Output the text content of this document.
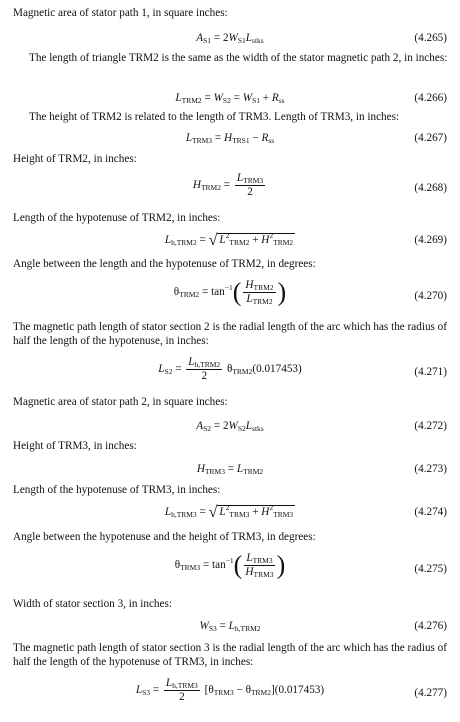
Magnetic area of stator path 1, in square inches:

$A_{S1} = 2W_{S1}L_{stks}$	(4.265)

The length of triangle TRM2 is the same as the width of the stator magnetic path 2, in inches:

$L_{TRM2} = W_{S2} = W_{S1} + R_{ss}$	(4.266)

The height of TRM2 is related to the length of TRM3. Length of TRM3, in inches:

$L_{TRM3} = H_{TRS1} - R_{ss}$	(4.267)

Height of TRM2, in inches:

$H_{TRM2} = \frac{L_{TRM3}}{2}$	(4.268)

Length of the hypotenuse of TRM2, in inches:

$L_{h,TRM2}$ = √ $L^2_{TRM2} + H^2_{TRM2}$	(4.269)

Angle between the length and the hypotenuse of TRM2, in degrees:

$\theta_{TRM2} = \tan^{-1}( \frac{H_{TRM2}}{L_{TRM2}}$ )	(4.270)

The magnetic path length of stator section 2 is the radial length of the arc which has the radius of half the length of the hypotenuse, in inches:

$L_{S2} = \frac{L_{h,TRM2}}{2} \theta_{TRM2}(0.017453)$	(4.271)

Magnetic area of stator path 2, in square inches:

$A_{S2} = 2W_{S2}L_{stks}$	(4.272)

Height of TRM3, in inches:

$H_{TRM3} = L_{TRM2}$	(4.273)

Length of the hypotenuse of TRM3, in inches:

$L_{h,TRM3}$ = √ $L^2_{TRM3} + H^2_{TRM3}$	(4.274)

Angle between the hypotenuse and the height of TRM3, in degrees:

$\theta_{TRM3} = \tan^{-1}( \frac{L_{TRM3}}{H_{TRM3}}$ )	(4.275)

Width of stator section 3, in inches:

$W_{S3} = L_{h,TRM2}$	(4.276)

The magnetic path length of stator section 3 is the radial length of the arc which has the radius of half the length of the hypotenuse of TRM3, in inches:

$L_{S3} = \frac{L_{h,TRM3}}{2} [\theta_{TRM3} - \theta_{TRM2}](0.017453)$	(4.277)
